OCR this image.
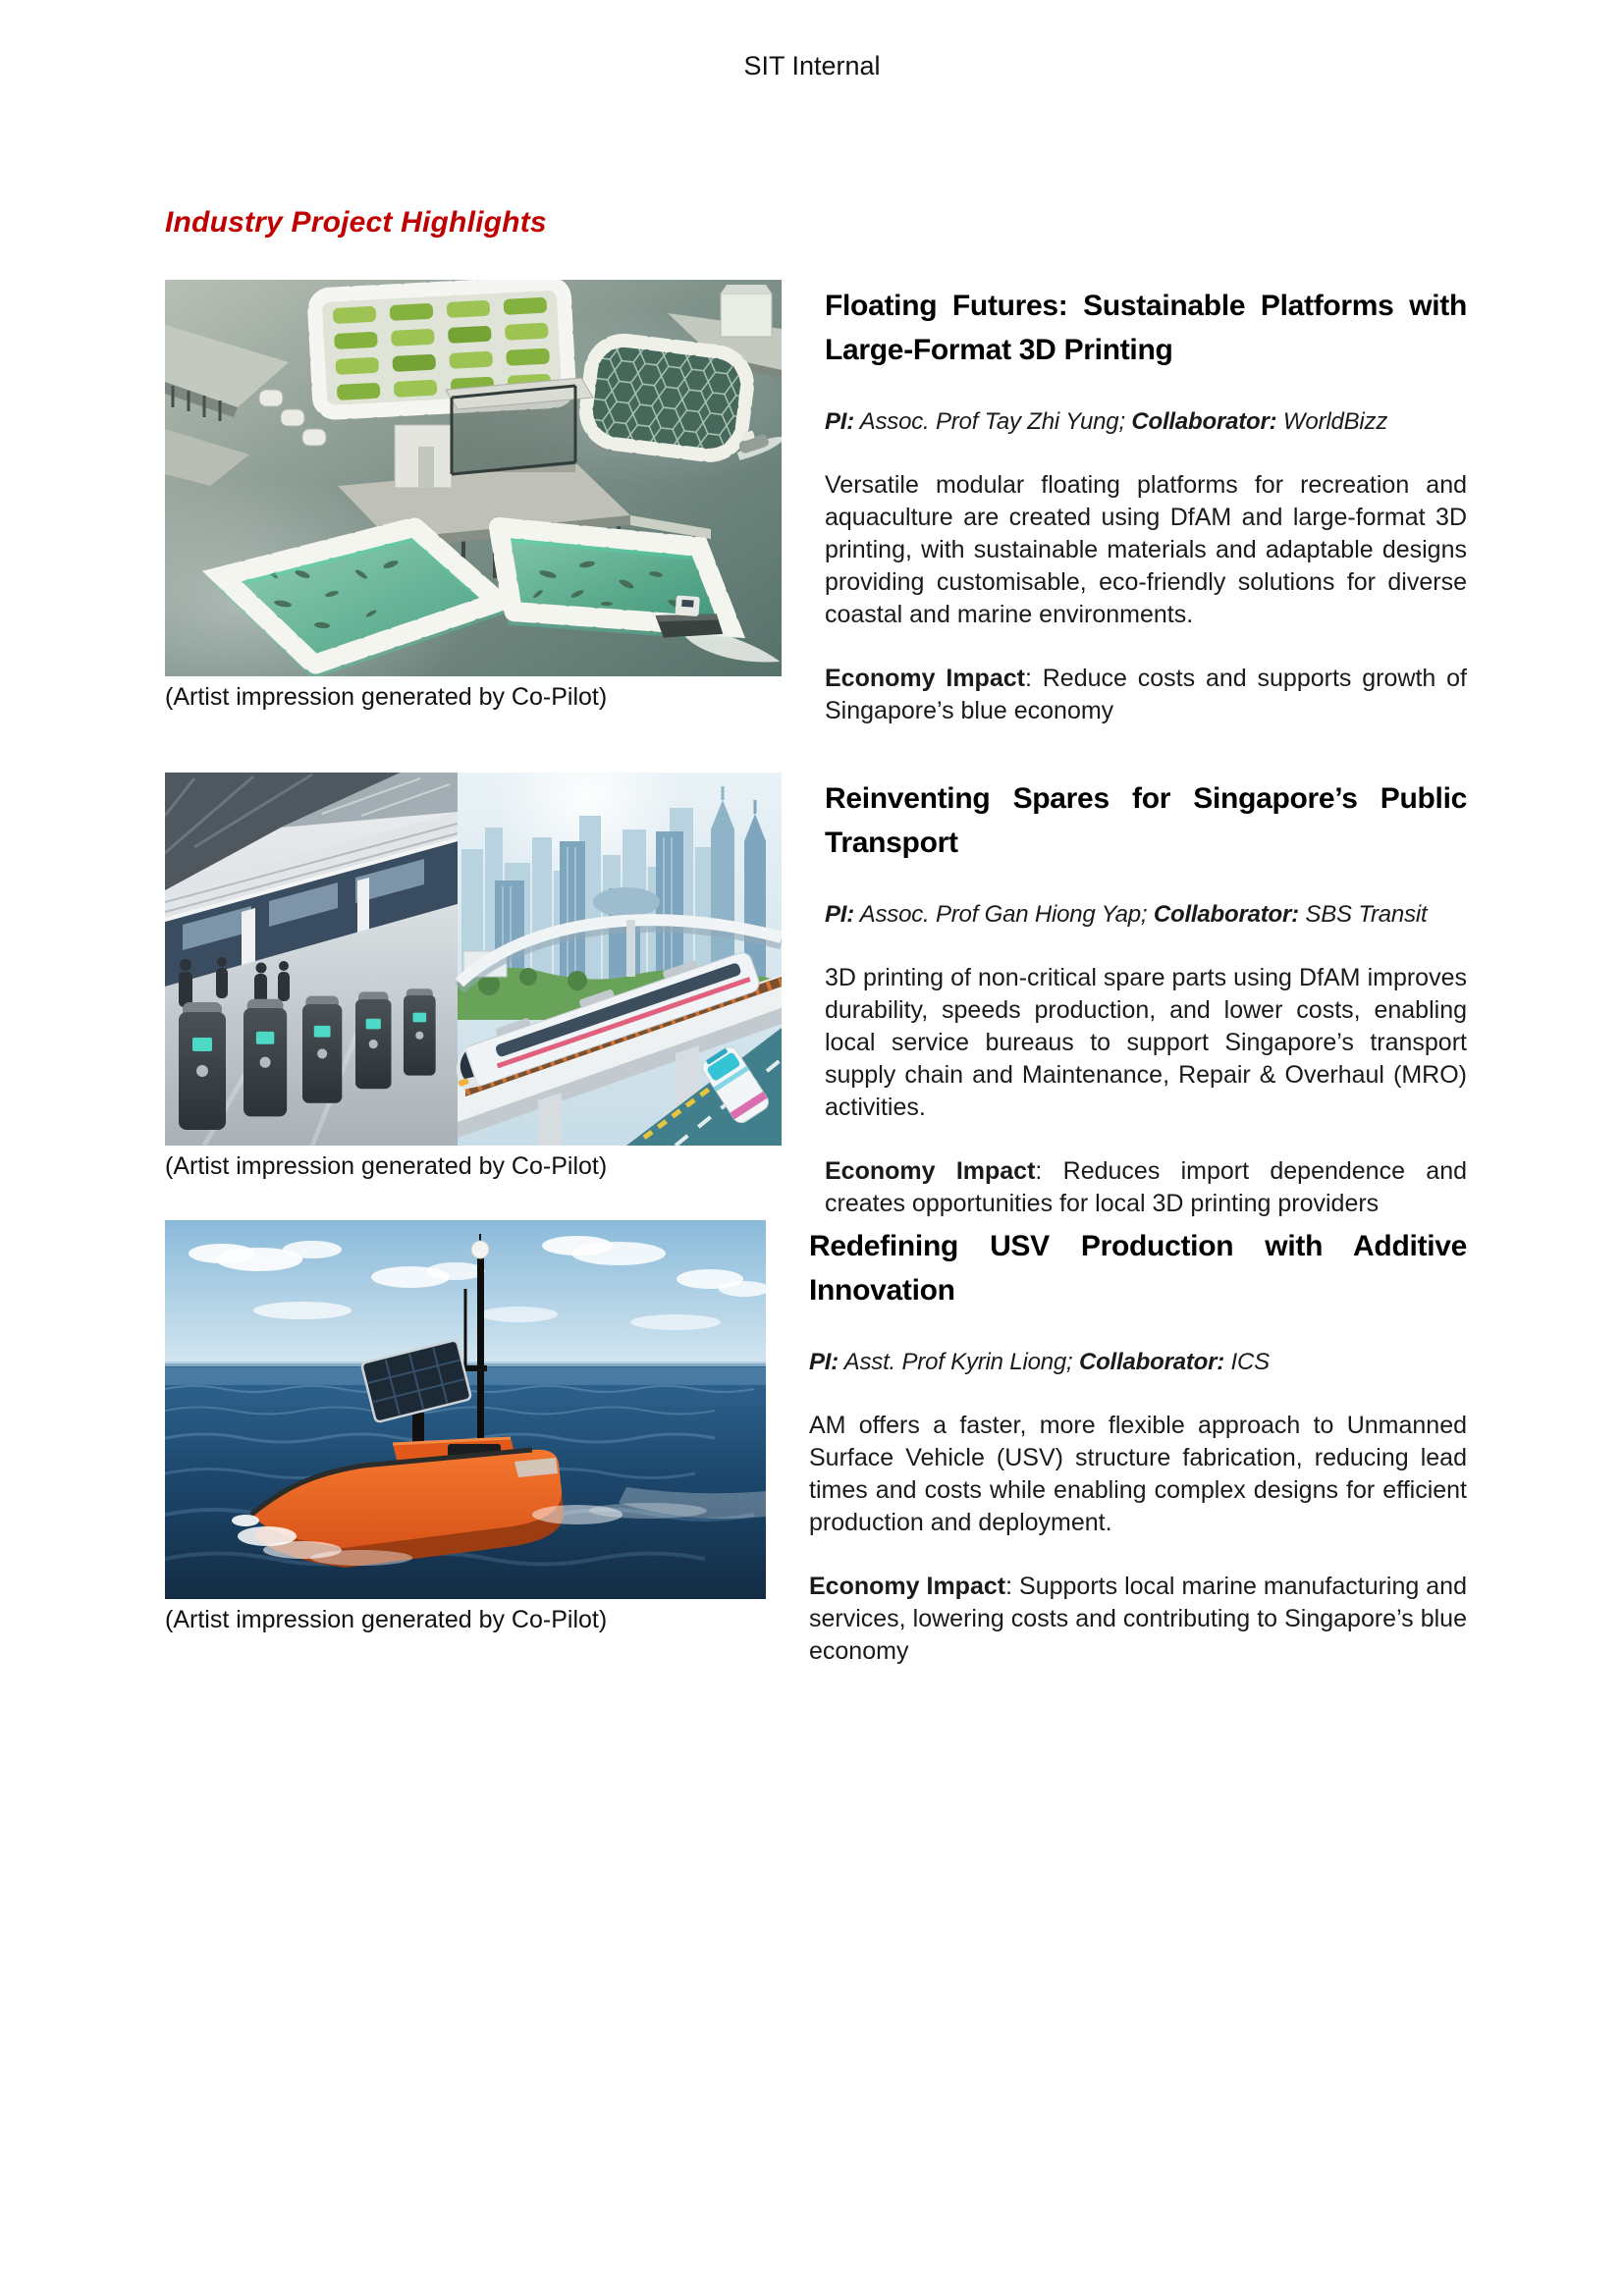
SIT Internal
Industry Project Highlights
(Artist impression generated by Co-Pilot)
Floating Futures: Sustainable Platforms with Large-Format 3D Printing

PI: Assoc. Prof Tay Zhi Yung; Collaborator: WorldBizz

Versatile modular floating platforms for recreation and aquaculture are created using DfAM and large-format 3D printing, with sustainable materials and adaptable designs providing customisable, eco-friendly solutions for diverse coastal and marine environments.

Economy Impact: Reduce costs and supports growth of Singapore’s blue economy

(Artist impression generated by Co-Pilot)
Reinventing Spares for Singapore’s Public Transport

PI: Assoc. Prof Gan Hiong Yap; Collaborator: SBS Transit

3D printing of non-critical spare parts using DfAM improves durability, speeds production, and lower costs, enabling local service bureaus to support Singapore’s transport supply chain and Maintenance, Repair & Overhaul (MRO) activities.

Economy Impact: Reduces import dependence and creates opportunities for local 3D printing providers

(Artist impression generated by Co-Pilot)
Redefining USV Production with Additive Innovation

PI: Asst. Prof Kyrin Liong; Collaborator: ICS

AM offers a faster, more flexible approach to Unmanned Surface Vehicle (USV) structure fabrication, reducing lead times and costs while enabling complex designs for efficient production and deployment.

Economy Impact: Supports local marine manufacturing and services, lowering costs and contributing to Singapore’s blue economy
